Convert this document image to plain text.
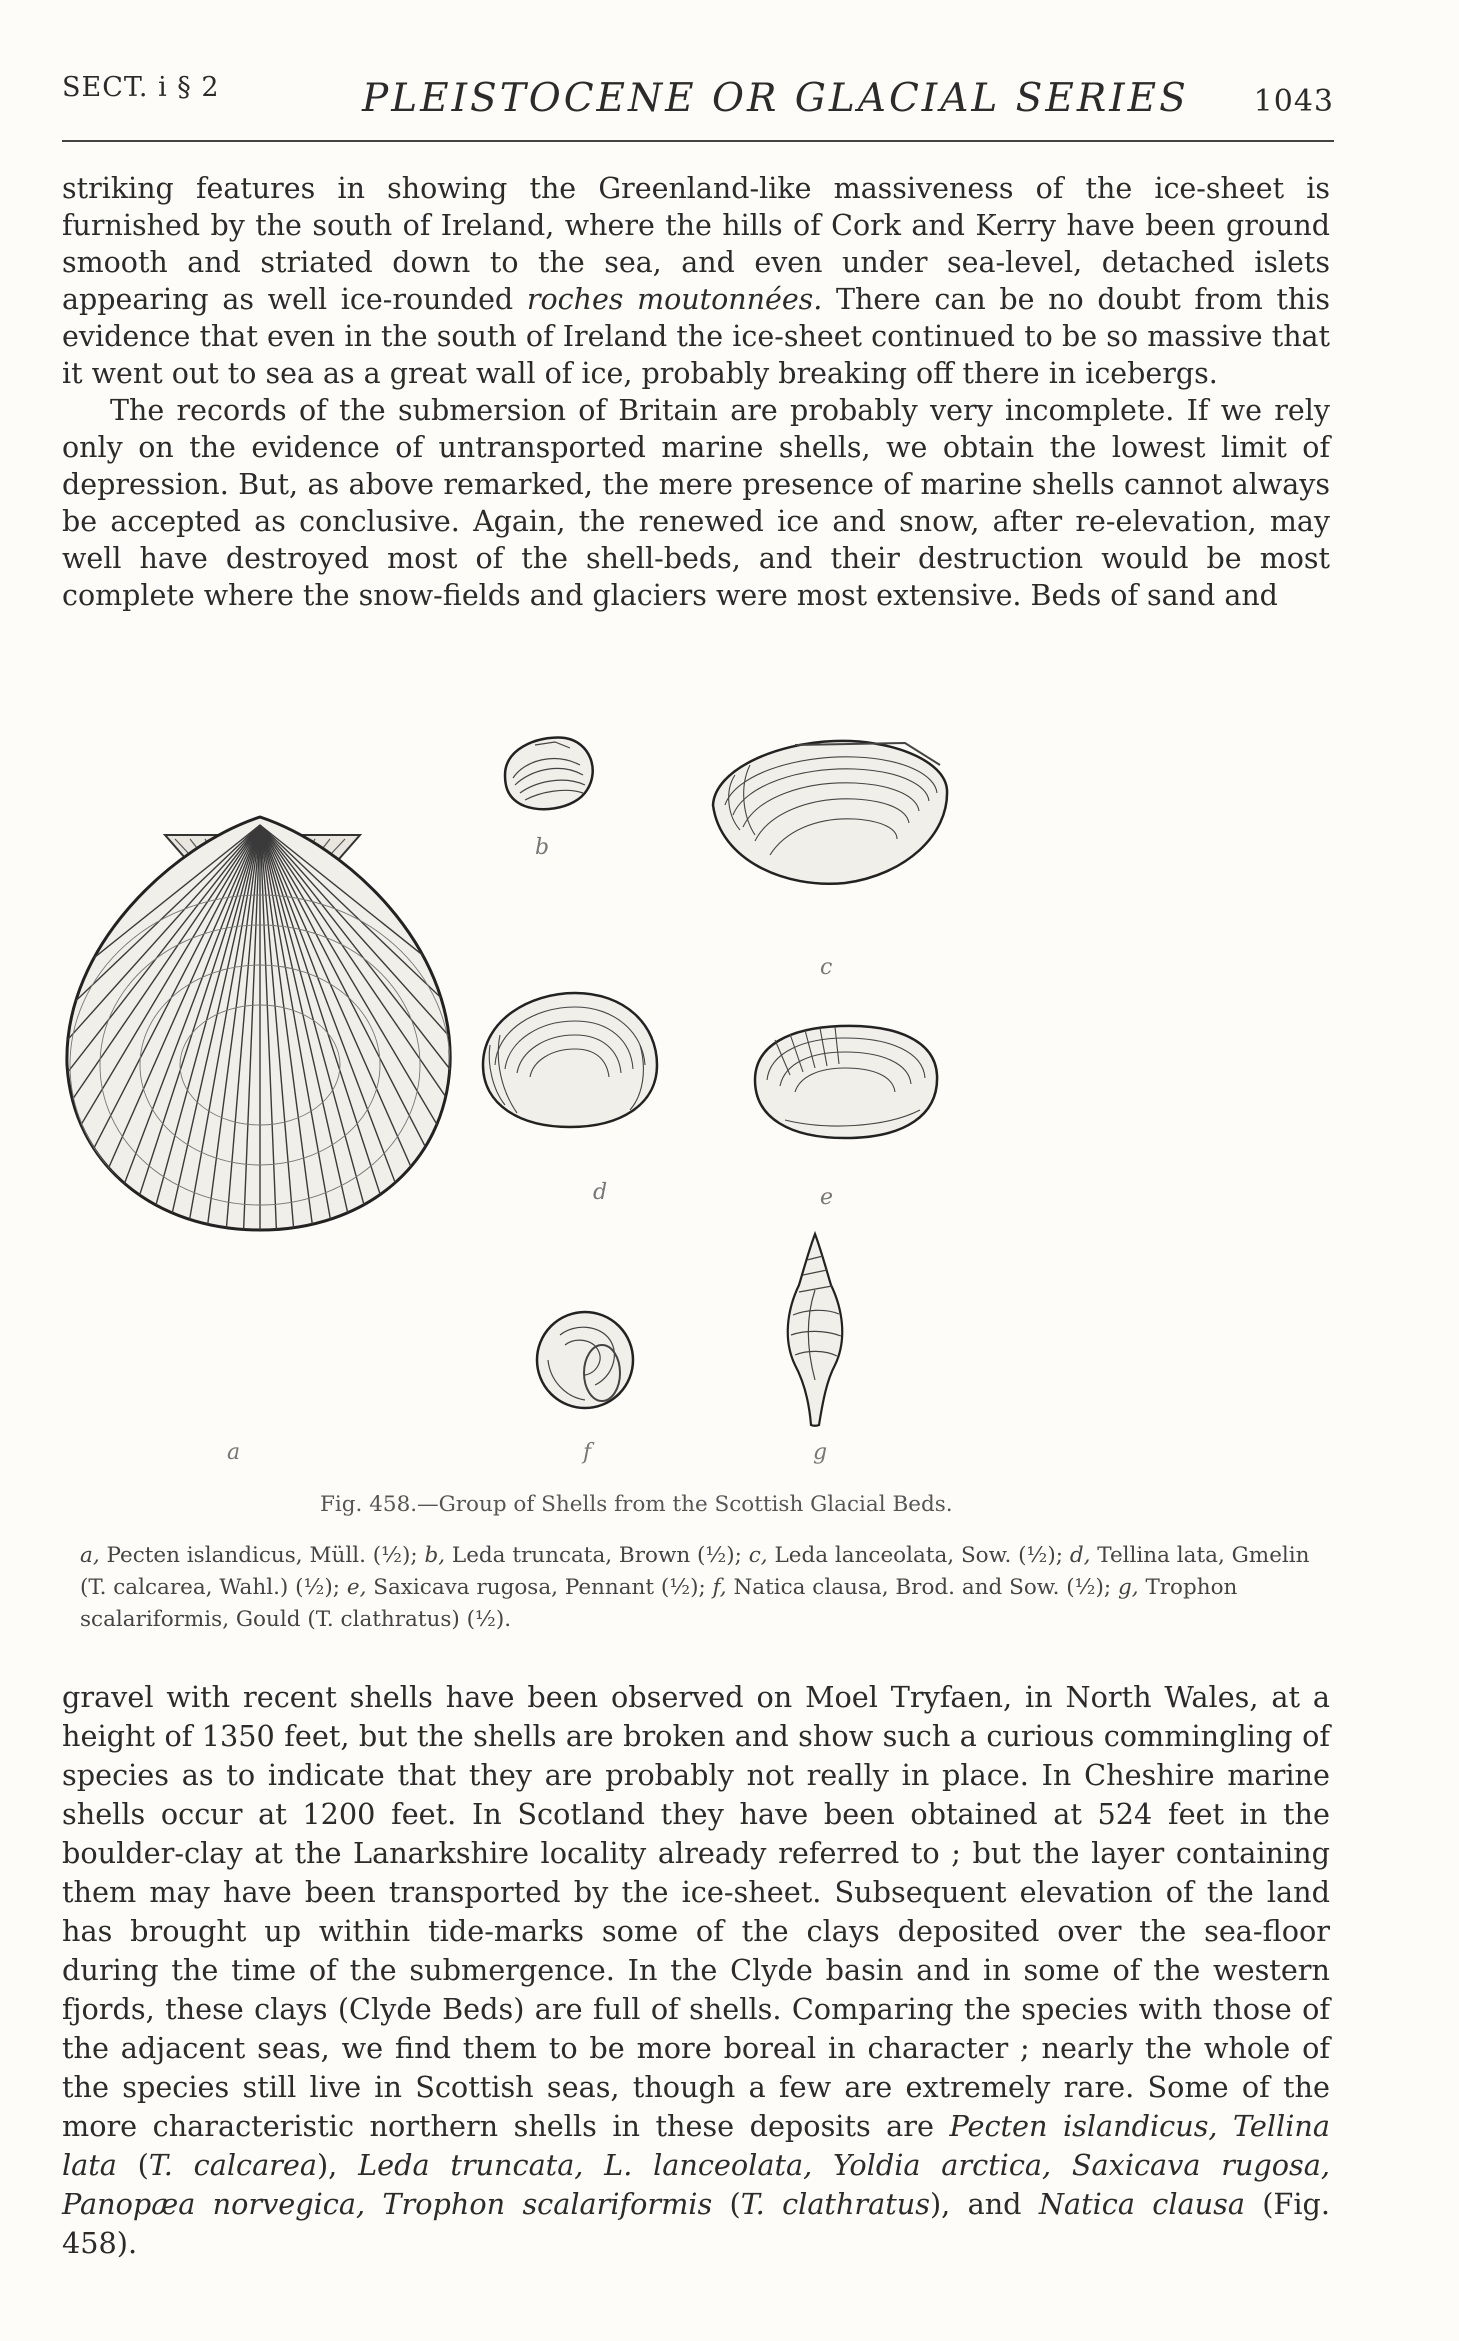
SECT. i § 2	PLEISTOCENE OR GLACIAL SERIES 1043

striking features in showing the Greenland-like massiveness of the ice-sheet is furnished by the south of Ireland, where the hills of Cork and Kerry have been ground smooth and striated down to the sea, and even under sea-level, detached islets appearing as well ice-rounded roches moutonnées. There can be no doubt from this evidence that even in the south of Ireland the ice-sheet continued to be so massive that it went out to sea as a great wall of ice, probably breaking off there in icebergs.
The records of the submersion of Britain are probably very incomplete. If we rely only on the evidence of untransported marine shells, we obtain the lowest limit of depression. But, as above remarked, the mere presence of marine shells cannot always be accepted as conclusive. Again, the renewed ice and snow, after re-elevation, may well have destroyed most of the shell-beds, and their destruction would be most complete where the snow-fields and glaciers were most extensive. Beds of sand and

a
b
c
d	e
f	g
Fig. 458.—Group of Shells from the Scottish Glacial Beds.

a, Pecten islandicus, Müll. (½); b, Leda truncata, Brown (½); c, Leda lanceolata, Sow. (½); d, Tellina lata, Gmelin (T. calcarea, Wahl.) (½); e, Saxicava rugosa, Pennant (½); f, Natica clausa, Brod. and Sow. (½); g, Trophon scalariformis, Gould (T. clathratus) (½).

gravel with recent shells have been observed on Moel Tryfaen, in North Wales, at a height of 1350 feet, but the shells are broken and show such a curious commingling of species as to indicate that they are probably not really in place. In Cheshire marine shells occur at 1200 feet. In Scotland they have been obtained at 524 feet in the boulder-clay at the Lanarkshire locality already referred to ; but the layer containing them may have been transported by the ice-sheet. Subsequent elevation of the land has brought up within tide-marks some of the clays deposited over the sea-floor during the time of the submergence. In the Clyde basin and in some of the western fjords, these clays (Clyde Beds) are full of shells. Comparing the species with those of the adjacent seas, we find them to be more boreal in character ; nearly the whole of the species still live in Scottish seas, though a few are extremely rare. Some of the more characteristic northern shells in these deposits are Pecten islandicus, Tellina lata (T. calcarea), Leda truncata, L. lanceolata, Yoldia arctica, Saxicava rugosa, Panopæa norvegica, Trophon scalariformis (T. clathratus), and Natica clausa (Fig. 458).
